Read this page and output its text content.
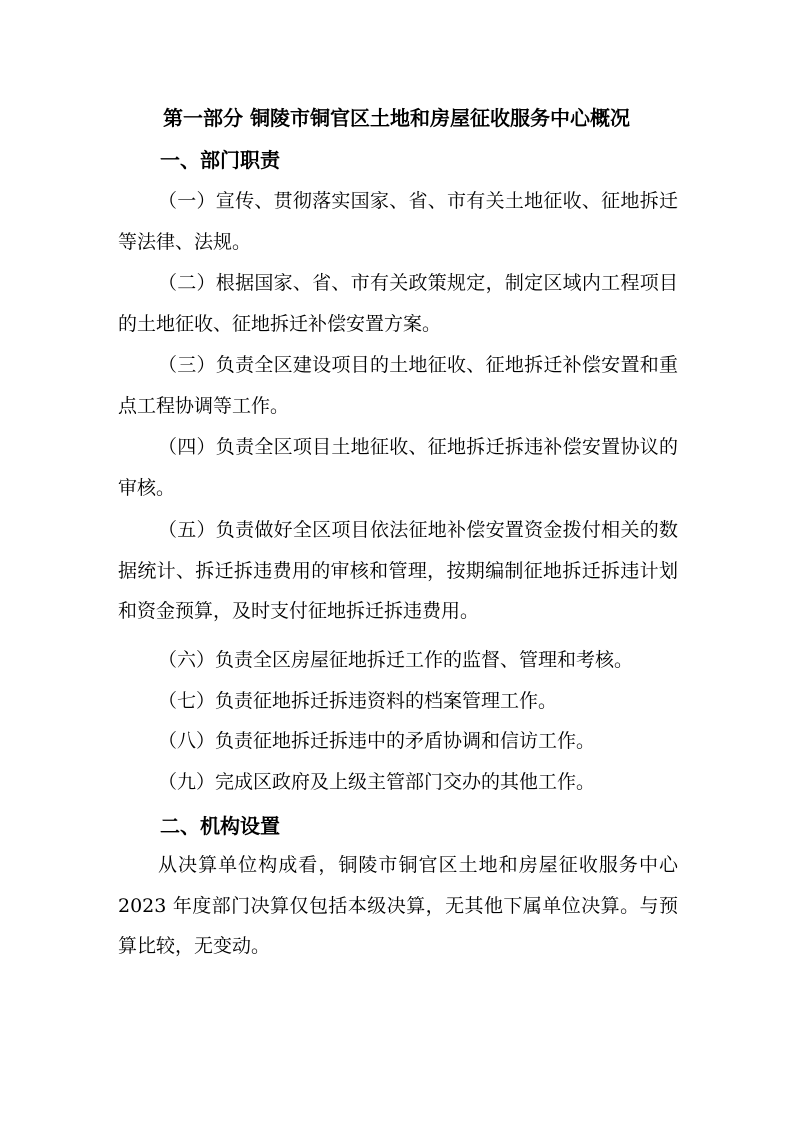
第一部分 铜陵市铜官区土地和房屋征收服务中心概况
一、部门职责

（一）宣传、贯彻落实国家、省、市有关土地征收、征地拆迁等法律、法规。

（二）根据国家、省、市有关政策规定，制定区域内工程项目的土地征收、征地拆迁补偿安置方案。

（三）负责全区建设项目的土地征收、征地拆迁补偿安置和重点工程协调等工作。

（四）负责全区项目土地征收、征地拆迁拆违补偿安置协议的审核。

（五）负责做好全区项目依法征地补偿安置资金拨付相关的数据统计、拆迁拆违费用的审核和管理，按期编制征地拆迁拆违计划和资金预算，及时支付征地拆迁拆违费用。

（六）负责全区房屋征地拆迁工作的监督、管理和考核。

（七）负责征地拆迁拆违资料的档案管理工作。

（八）负责征地拆迁拆违中的矛盾协调和信访工作。

（九）完成区政府及上级主管部门交办的其他工作。

二、机构设置

从决算单位构成看，铜陵市铜官区土地和房屋征收服务中心 2023 年度部门决算仅包括本级决算，无其他下属单位决算。与预算比较，无变动。
